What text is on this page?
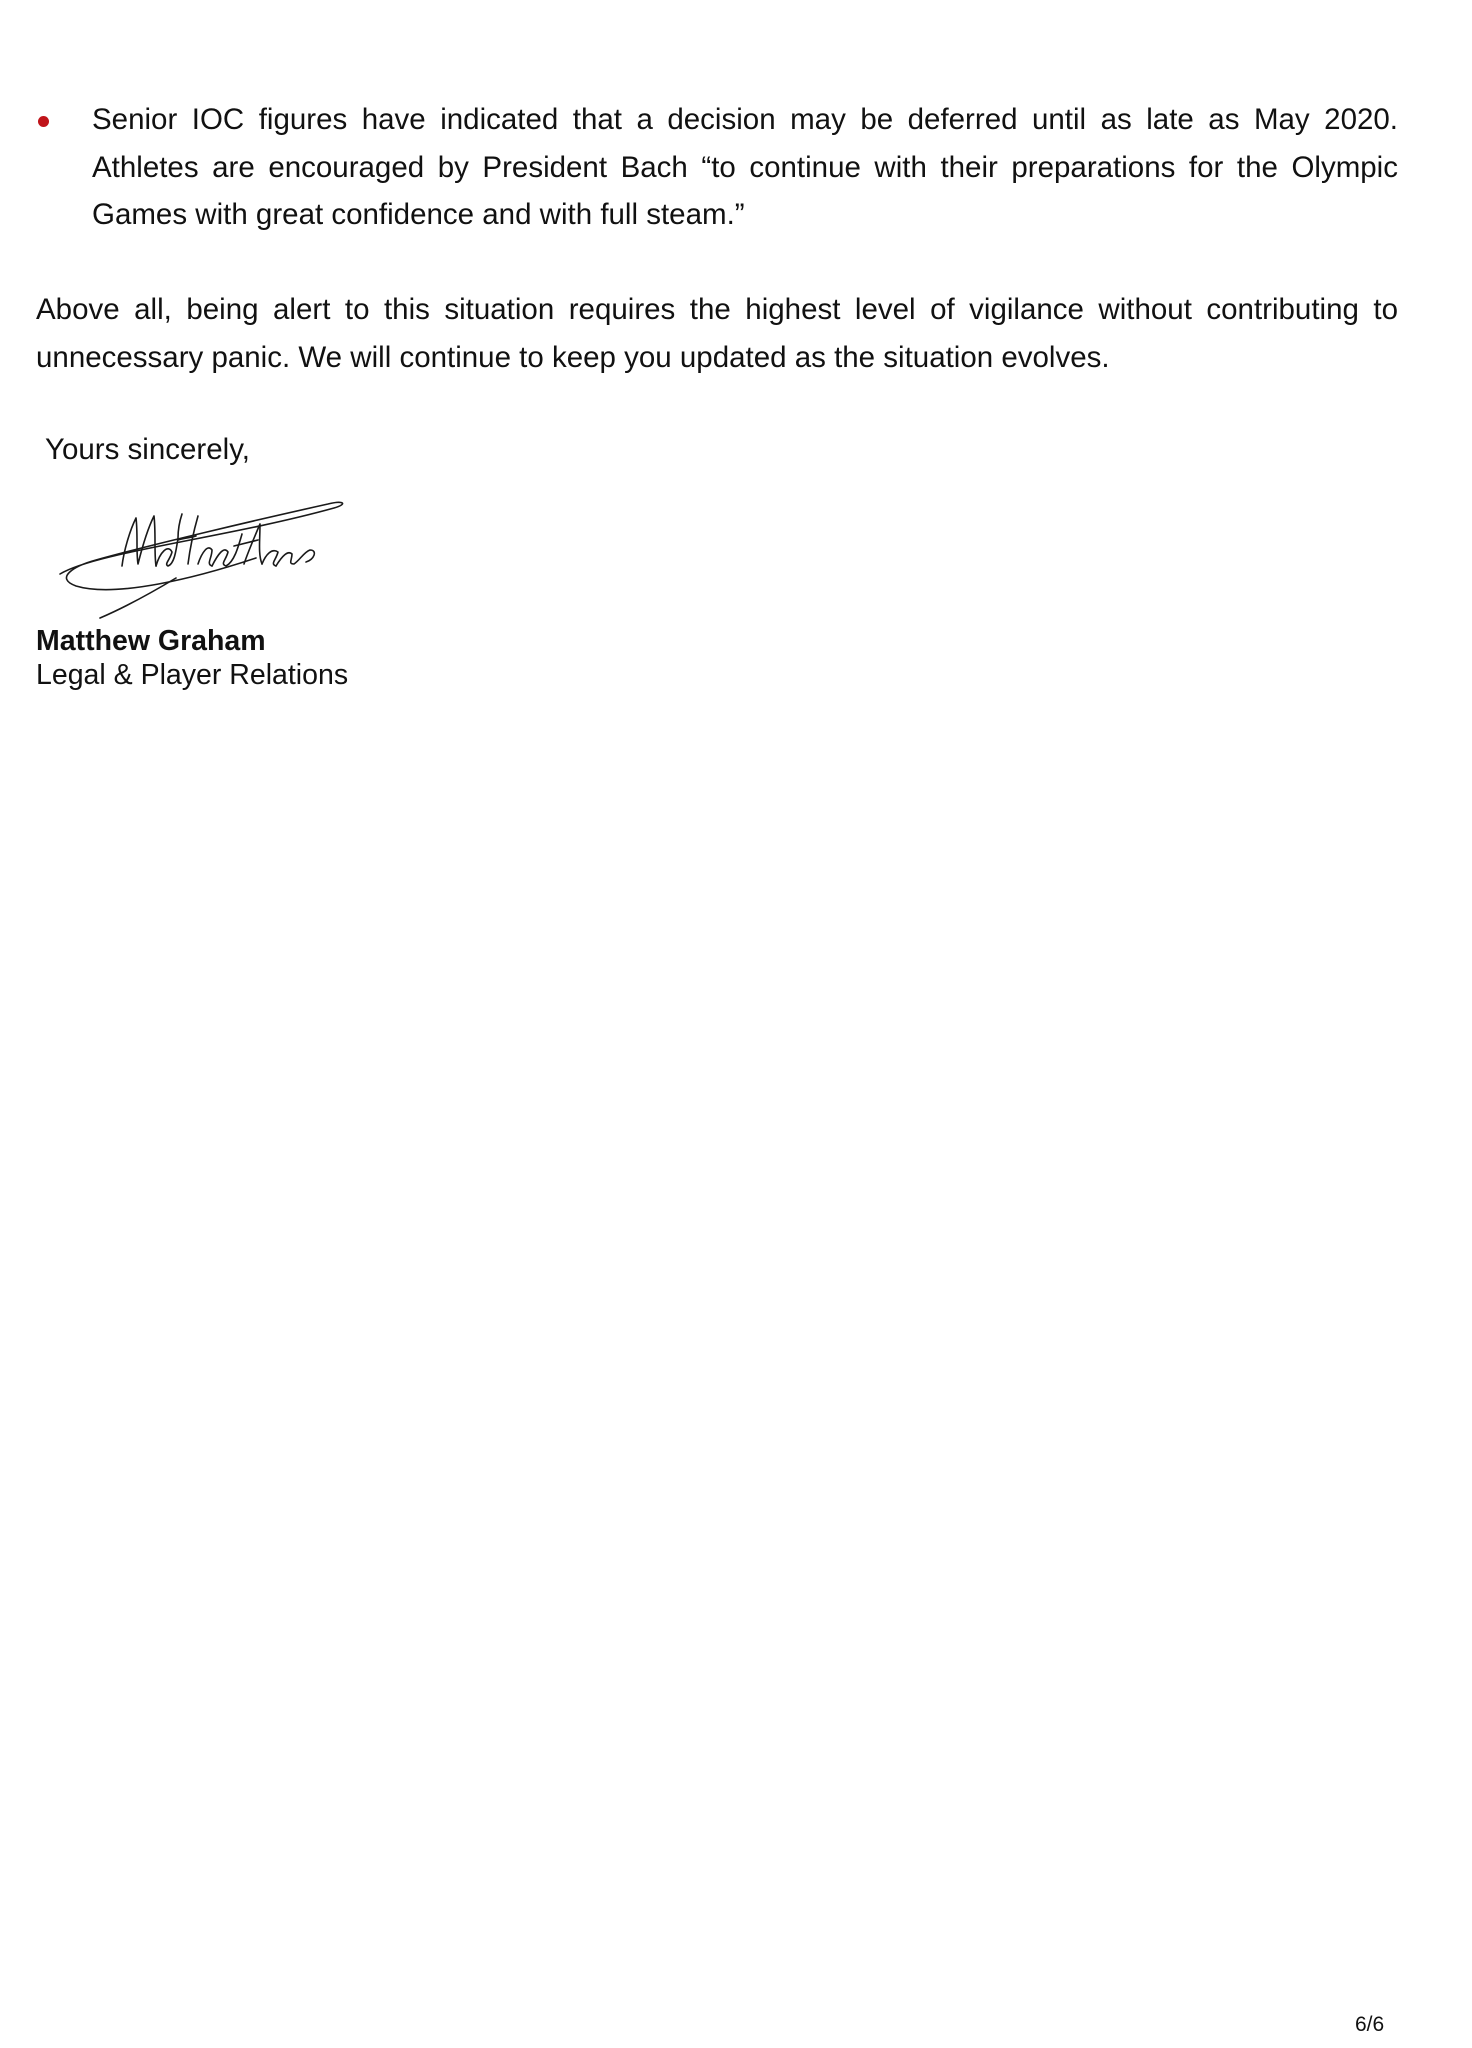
Senior IOC figures have indicated that a decision may be deferred until as late as May 2020. Athletes are encouraged by President Bach “to continue with their preparations for the Olympic Games with great confidence and with full steam.”
Above all, being alert to this situation requires the highest level of vigilance without contributing to unnecessary panic. We will continue to keep you updated as the situation evolves.
Yours sincerely,
Matthew Graham
Legal & Player Relations
6/6
